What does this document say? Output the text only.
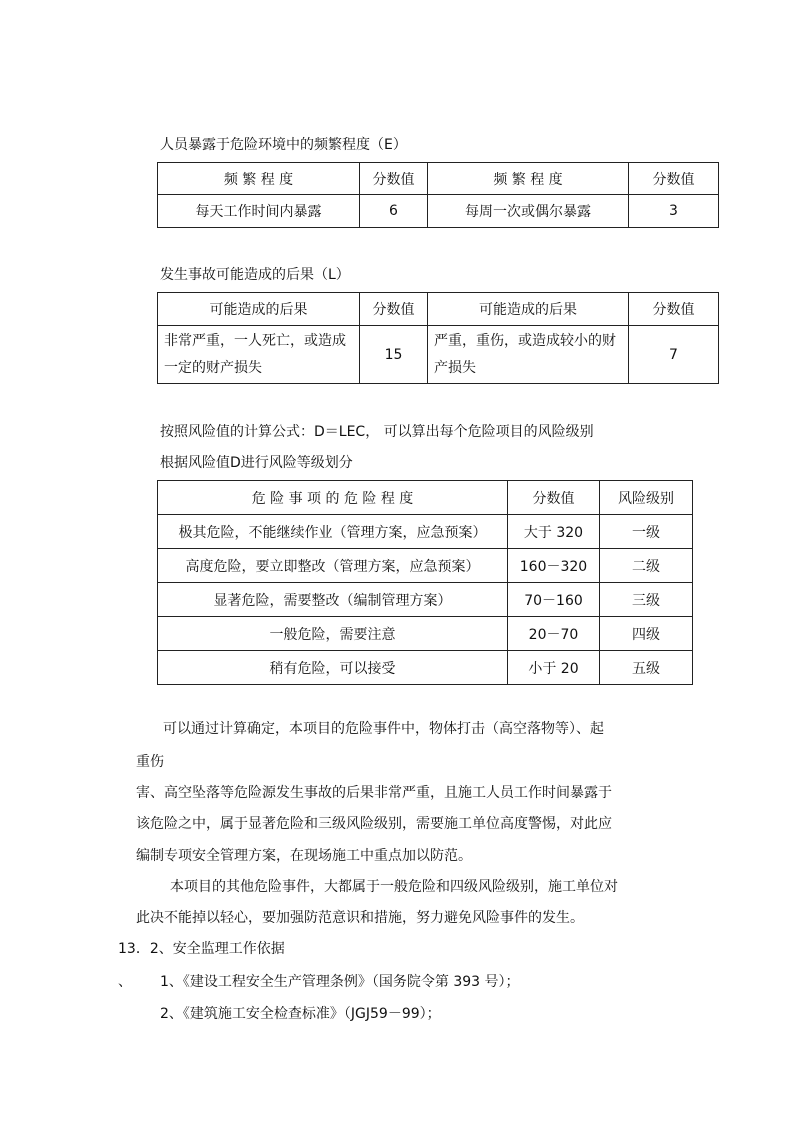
人员暴露于危险环境中的频繁程度（E）
频 繁 程 度	分数值	频 繁 程 度	分数值
每天工作时间内暴露	6	每周一次或偶尔暴露	3
发生事故可能造成的后果（L）
可能造成的后果	分数值	可能造成的后果	分数值
非常严重，一人死亡，或造成一定的财产损失	15	严重，重伤，或造成较小的财产损失	7
按照风险值的计算公式：D＝LEC， 可以算出每个危险项目的风险级别
根据风险值D进行风险等级划分
危 险 事 项 的 危 险 程 度	分数值	风险级别
极其危险，不能继续作业（管理方案，应急预案）	大于 320	一级
高度危险，要立即整改（管理方案，应急预案）	160－320	二级
显著危险，需要整改（编制管理方案）	70－160	三级
一般危险，需要注意	20－70	四级
稍有危险，可以接受	小于 20	五级
可以通过计算确定，本项目的危险事件中，物体打击（高空落物等）、起
重伤
害、高空坠落等危险源发生事故的后果非常严重，且施工人员工作时间暴露于
该危险之中，属于显著危险和三级风险级别，需要施工单位高度警惕，对此应
编制专项安全管理方案，在现场施工中重点加以防范。
本项目的其他危险事件，大都属于一般危险和四级风险级别，施工单位对
此决不能掉以轻心，要加强防范意识和措施，努力避免风险事件的发生。
13．2、安全监理工作依据
、 1、《建设工程安全生产管理条例》（国务院令第 393 号）；
2、《建筑施工安全检查标准》（JGJ59－99）；
